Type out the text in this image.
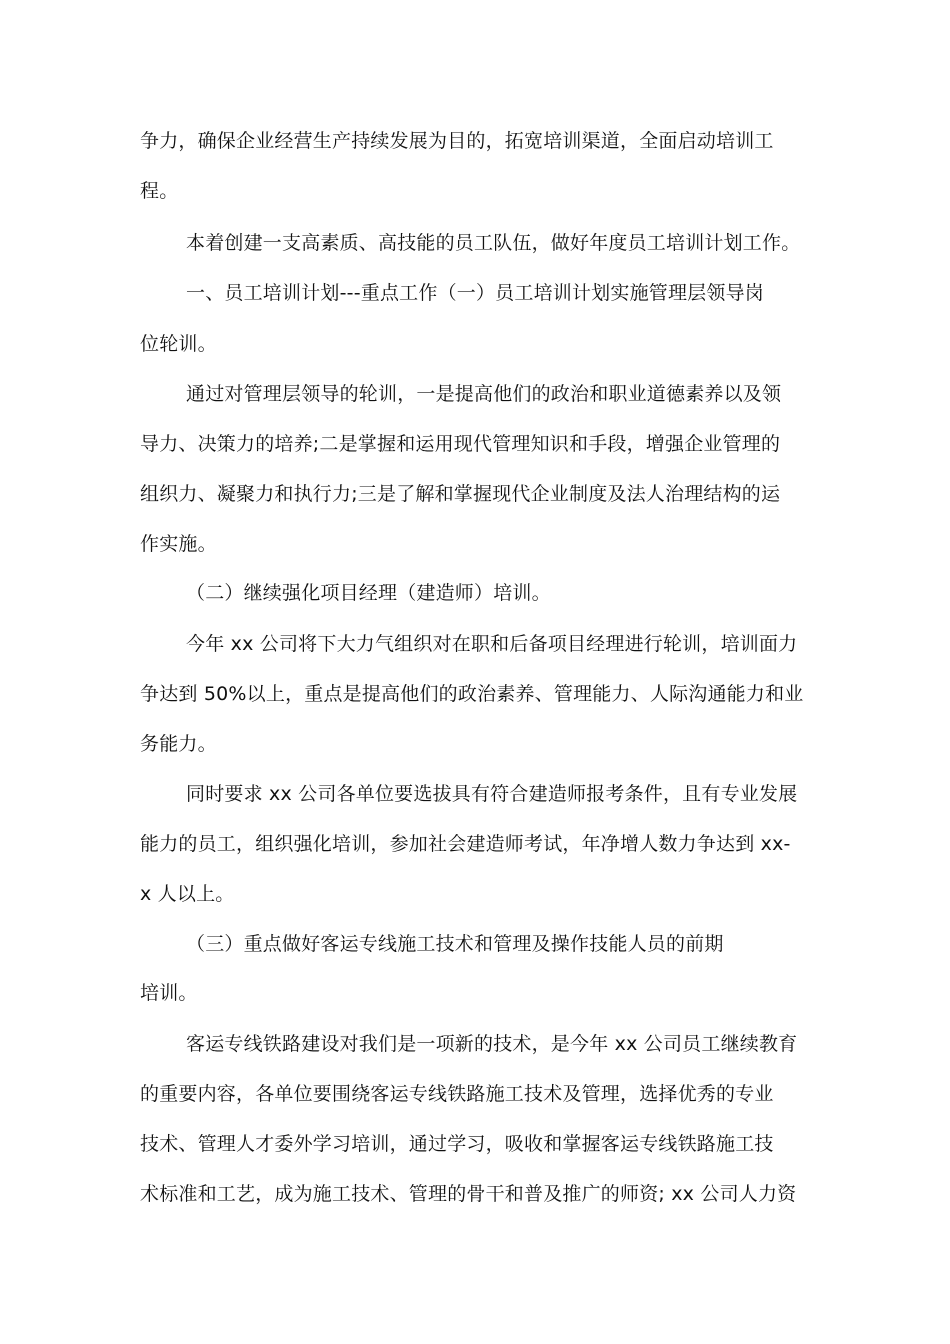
争力，确保企业经营生产持续发展为目的，拓宽培训渠道，全面启动培训工
程。
本着创建一支高素质、高技能的员工队伍，做好年度员工培训计划工作。
一、员工培训计划---重点工作（一）员工培训计划实施管理层领导岗
位轮训。
通过对管理层领导的轮训，一是提高他们的政治和职业道德素养以及领
导力、决策力的培养;二是掌握和运用现代管理知识和手段，增强企业管理的
组织力、凝聚力和执行力;三是了解和掌握现代企业制度及法人治理结构的运
作实施。
（二）继续强化项目经理（建造师）培训。
今年 xx 公司将下大力气组织对在职和后备项目经理进行轮训，培训面力
争达到 50%以上，重点是提高他们的政治素养、管理能力、人际沟通能力和业
务能力。
同时要求 xx 公司各单位要选拔具有符合建造师报考条件，且有专业发展
能力的员工，组织强化培训，参加社会建造师考试，年净增人数力争达到 xx-
x 人以上。
（三）重点做好客运专线施工技术和管理及操作技能人员的前期
培训。
客运专线铁路建设对我们是一项新的技术，是今年 xx 公司员工继续教育
的重要内容，各单位要围绕客运专线铁路施工技术及管理，选择优秀的专业
技术、管理人才委外学习培训，通过学习，吸收和掌握客运专线铁路施工技
术标准和工艺，成为施工技术、管理的骨干和普及推广的师资; xx 公司人力资
